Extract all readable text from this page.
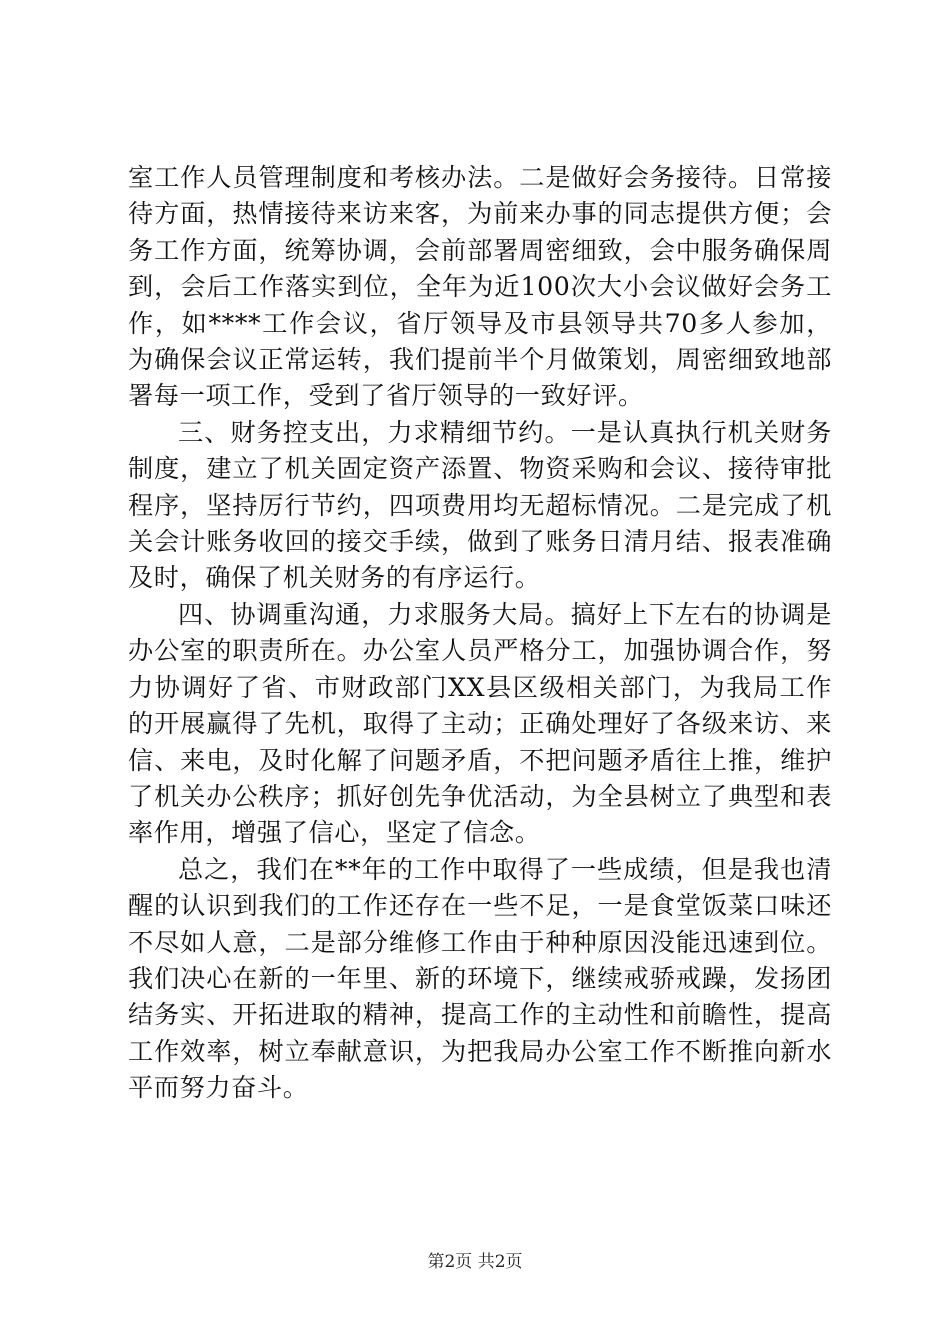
室工作人员管理制度和考核办法。二是做好会务接待。日常接待方面，热情接待来访来客，为前来办事的同志提供方便；会务工作方面，统筹协调，会前部署周密细致，会中服务确保周到，会后工作落实到位，全年为近100次大小会议做好会务工作，如****工作会议，省厅领导及市县领导共70多人参加，为确保会议正常运转，我们提前半个月做策划，周密细致地部署每一项工作，受到了省厅领导的一致好评。

三、财务控支出，力求精细节约。一是认真执行机关财务制度，建立了机关固定资产添置、物资采购和会议、接待审批程序，坚持厉行节约，四项费用均无超标情况。二是完成了机关会计账务收回的接交手续，做到了账务日清月结、报表准确及时，确保了机关财务的有序运行。

四、协调重沟通，力求服务大局。搞好上下左右的协调是办公室的职责所在。办公室人员严格分工，加强协调合作，努力协调好了省、市财政部门XX县区级相关部门，为我局工作的开展赢得了先机，取得了主动；正确处理好了各级来访、来信、来电，及时化解了问题矛盾，不把问题矛盾往上推，维护了机关办公秩序；抓好创先争优活动，为全县树立了典型和表率作用，增强了信心，坚定了信念。

总之，我们在**年的工作中取得了一些成绩，但是我也清醒的认识到我们的工作还存在一些不足，一是食堂饭菜口味还不尽如人意，二是部分维修工作由于种种原因没能迅速到位。我们决心在新的一年里、新的环境下，继续戒骄戒躁，发扬团结务实、开拓进取的精神，提高工作的主动性和前瞻性，提高工作效率，树立奉献意识，为把我局办公室工作不断推向新水平而努力奋斗。

第2页 共2页
